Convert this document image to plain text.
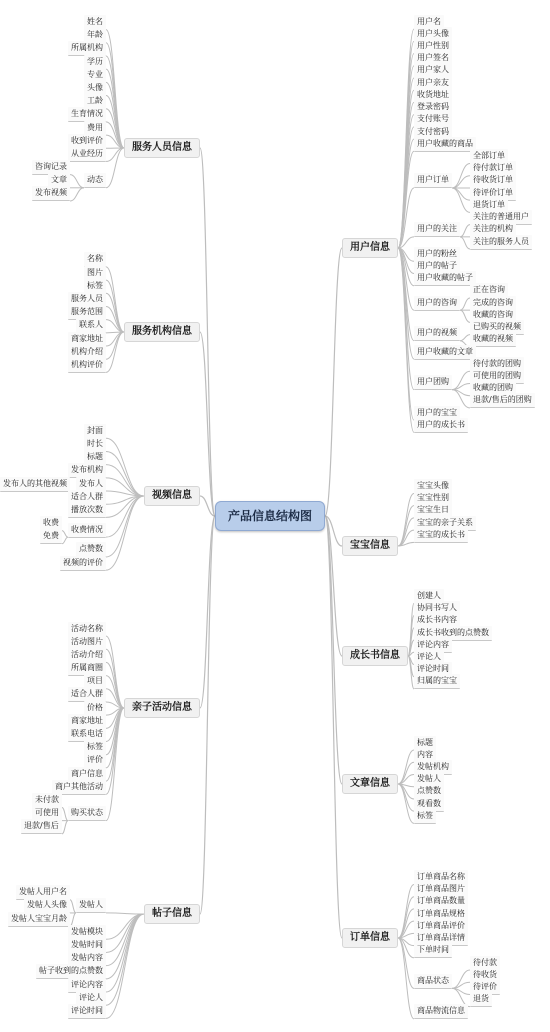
产品信息结构图
服务人员信息
姓名
年龄
所属机构
学历
专业
头像
工龄
生育情况
费用
收到评价
从业经历
动态
咨询记录
文章
发布视频
服务机构信息
名称
图片
标签
服务人员
服务范围
联系人
商家地址
机构介绍
机构评价
视频信息
封面
时长
标题
发布机构
发布人
发布人的其他视频
适合人群
播放次数
收费情况
收费
免费
点赞数
视频的评价
亲子活动信息
活动名称
活动图片
活动介绍
所属商圈
项目
适合人群
价格
商家地址
联系电话
标签
评价
商户信息
商户其他活动
购买状态
未付款
可使用
退款/售后
帖子信息
发帖人
发帖人用户名
发帖人头像
发帖人宝宝月龄
发帖模块
发帖时间
发帖内容
帖子收到的点赞数
评论内容
评论人
评论时间
用户信息
用户名
用户头像
用户性别
用户签名
用户家人
用户亲友
收货地址
登录密码
支付账号
支付密码
用户收藏的商品
用户订单
全部订单
待付款订单
待收货订单
待评价订单
退货订单
用户的关注
关注的普通用户
关注的机构
关注的服务人员
用户的粉丝
用户的帖子
用户收藏的帖子
用户的咨询
正在咨询
完成的咨询
收藏的咨询
用户的视频
已购买的视频
收藏的视频
用户收藏的文章
用户团购
待付款的团购
可使用的团购
收藏的团购
退款/售后的团购
用户的宝宝
用户的成长书
宝宝信息
宝宝头像
宝宝性别
宝宝生日
宝宝的亲子关系
宝宝的成长书
成长书信息
创建人
协同书写人
成长书内容
成长书收到的点赞数
评论内容
评论人
评论时间
归属的宝宝
文章信息
标题
内容
发帖机构
发帖人
点赞数
观看数
标签
订单信息
订单商品名称
订单商品图片
订单商品数量
订单商品规格
订单商品评价
订单商品详情
下单时间
商品状态
待付款
待收货
待评价
退货
商品物流信息
